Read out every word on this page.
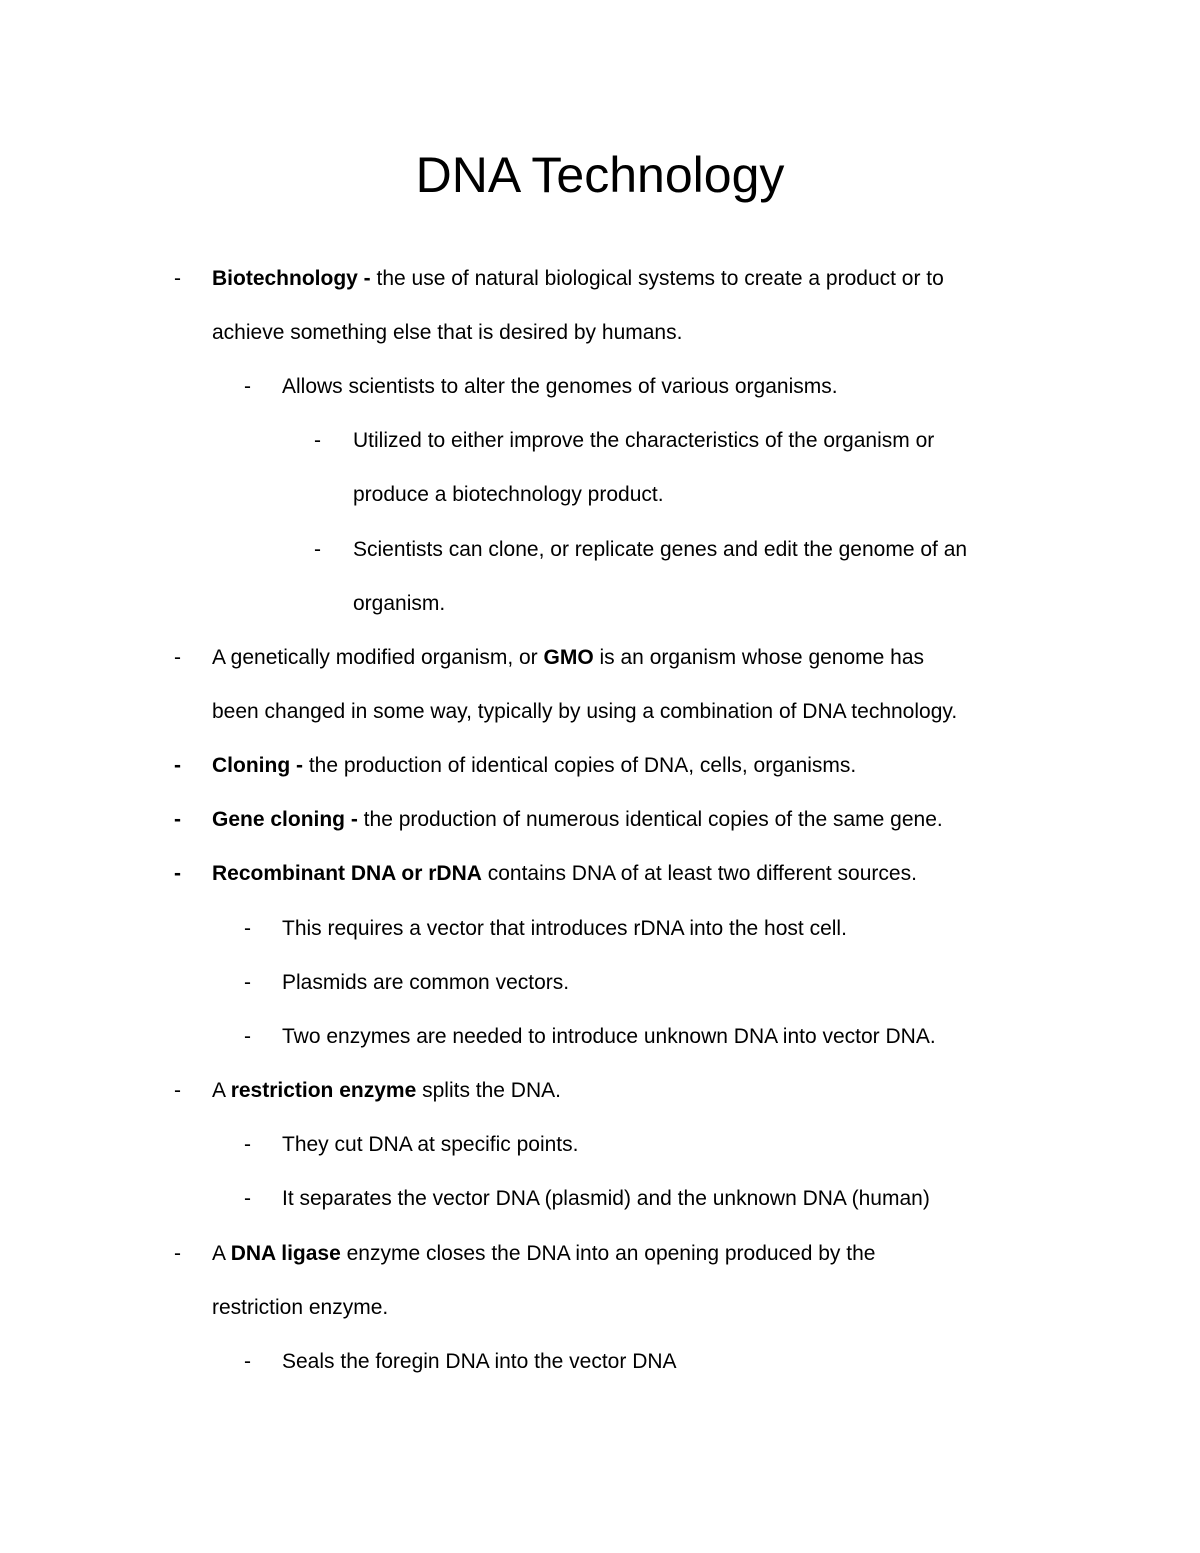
DNA Technology
- Biotechnology - the use of natural biological systems to create a product or to
achieve something else that is desired by humans.
- Allows scientists to alter the genomes of various organisms.
- Utilized to either improve the characteristics of the organism or
produce a biotechnology product.
- Scientists can clone, or replicate genes and edit the genome of an
organism.
- A genetically modified organism, or GMO is an organism whose genome has
been changed in some way, typically by using a combination of DNA technology.
- Cloning - the production of identical copies of DNA, cells, organisms.
- Gene cloning - the production of numerous identical copies of the same gene.
- Recombinant DNA or rDNA contains DNA of at least two different sources.
- This requires a vector that introduces rDNA into the host cell.
- Plasmids are common vectors.
- Two enzymes are needed to introduce unknown DNA into vector DNA.
- A restriction enzyme splits the DNA.
- They cut DNA at specific points.
- It separates the vector DNA (plasmid) and the unknown DNA (human)
- A DNA ligase enzyme closes the DNA into an opening produced by the
restriction enzyme.
- Seals the foregin DNA into the vector DNA
